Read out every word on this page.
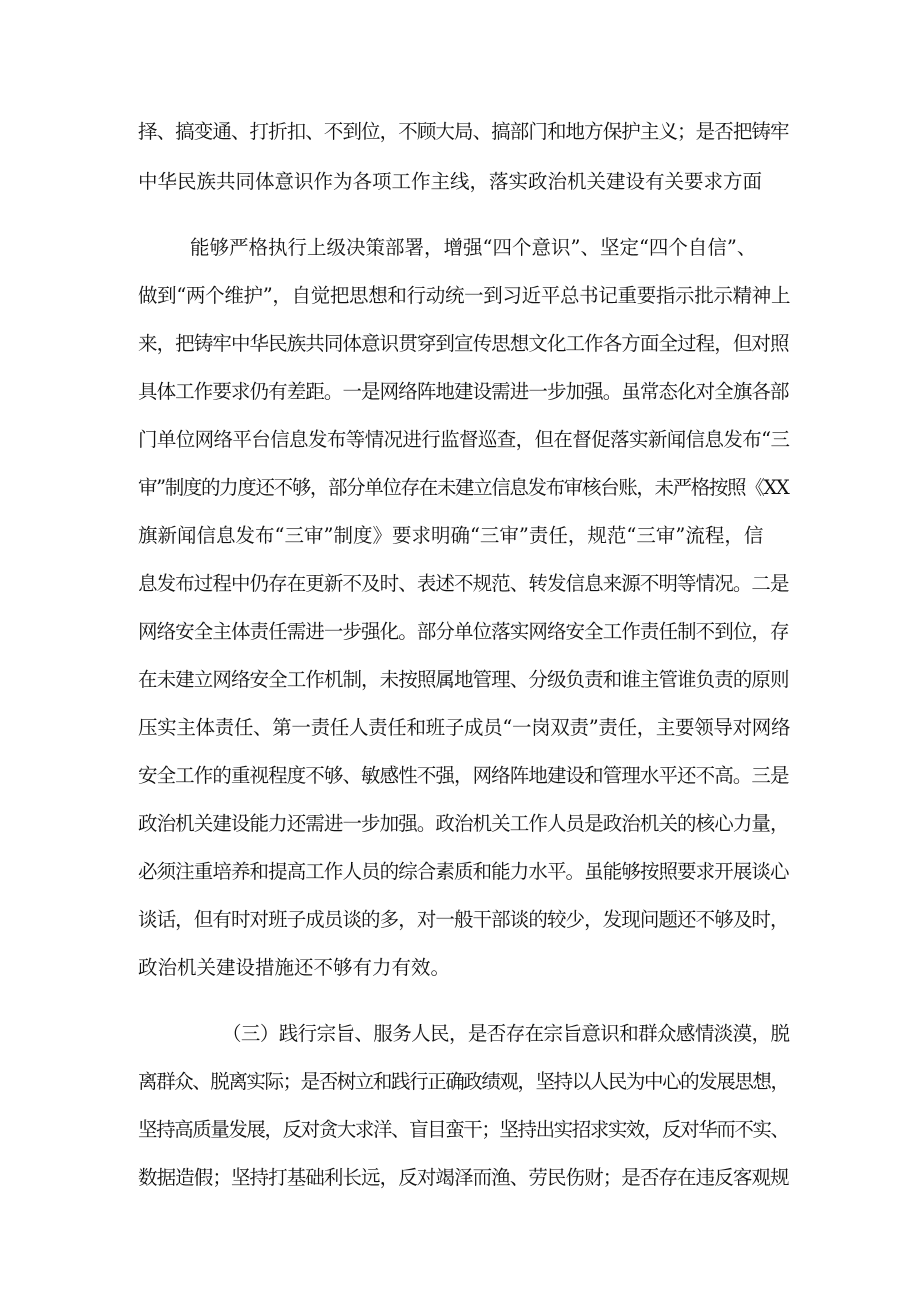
择、搞变通、打折扣、不到位，不顾大局、搞部门和地方保护主义；是否把铸牢
中华民族共同体意识作为各项工作主线，落实政治机关建设有关要求方面
能够严格执行上级决策部署，增强“四个意识”、坚定“四个自信”、
做到“两个维护”，自觉把思想和行动统一到习近平总书记重要指示批示精神上
来，把铸牢中华民族共同体意识贯穿到宣传思想文化工作各方面全过程，但对照
具体工作要求仍有差距。一是网络阵地建设需进一步加强。虽常态化对全旗各部
门单位网络平台信息发布等情况进行监督巡查，但在督促落实新闻信息发布“三
审”制度的力度还不够，部分单位存在未建立信息发布审核台账，未严格按照《XX
旗新闻信息发布“三审”制度》要求明确“三审”责任，规范“三审”流程，信
息发布过程中仍存在更新不及时、表述不规范、转发信息来源不明等情况。二是
网络安全主体责任需进一步强化。部分单位落实网络安全工作责任制不到位，存
在未建立网络安全工作机制，未按照属地管理、分级负责和谁主管谁负责的原则
压实主体责任、第一责任人责任和班子成员“一岗双责”责任，主要领导对网络
安全工作的重视程度不够、敏感性不强，网络阵地建设和管理水平还不高。三是
政治机关建设能力还需进一步加强。政治机关工作人员是政治机关的核心力量，
必须注重培养和提高工作人员的综合素质和能力水平。虽能够按照要求开展谈心
谈话，但有时对班子成员谈的多，对一般干部谈的较少，发现问题还不够及时，
政治机关建设措施还不够有力有效。
（三）践行宗旨、服务人民，是否存在宗旨意识和群众感情淡漠，脱
离群众、脱离实际；是否树立和践行正确政绩观，坚持以人民为中心的发展思想，
坚持高质量发展，反对贪大求洋、盲目蛮干；坚持出实招求实效，反对华而不实、
数据造假；坚持打基础利长远，反对竭泽而渔、劳民伤财；是否存在违反客观规
